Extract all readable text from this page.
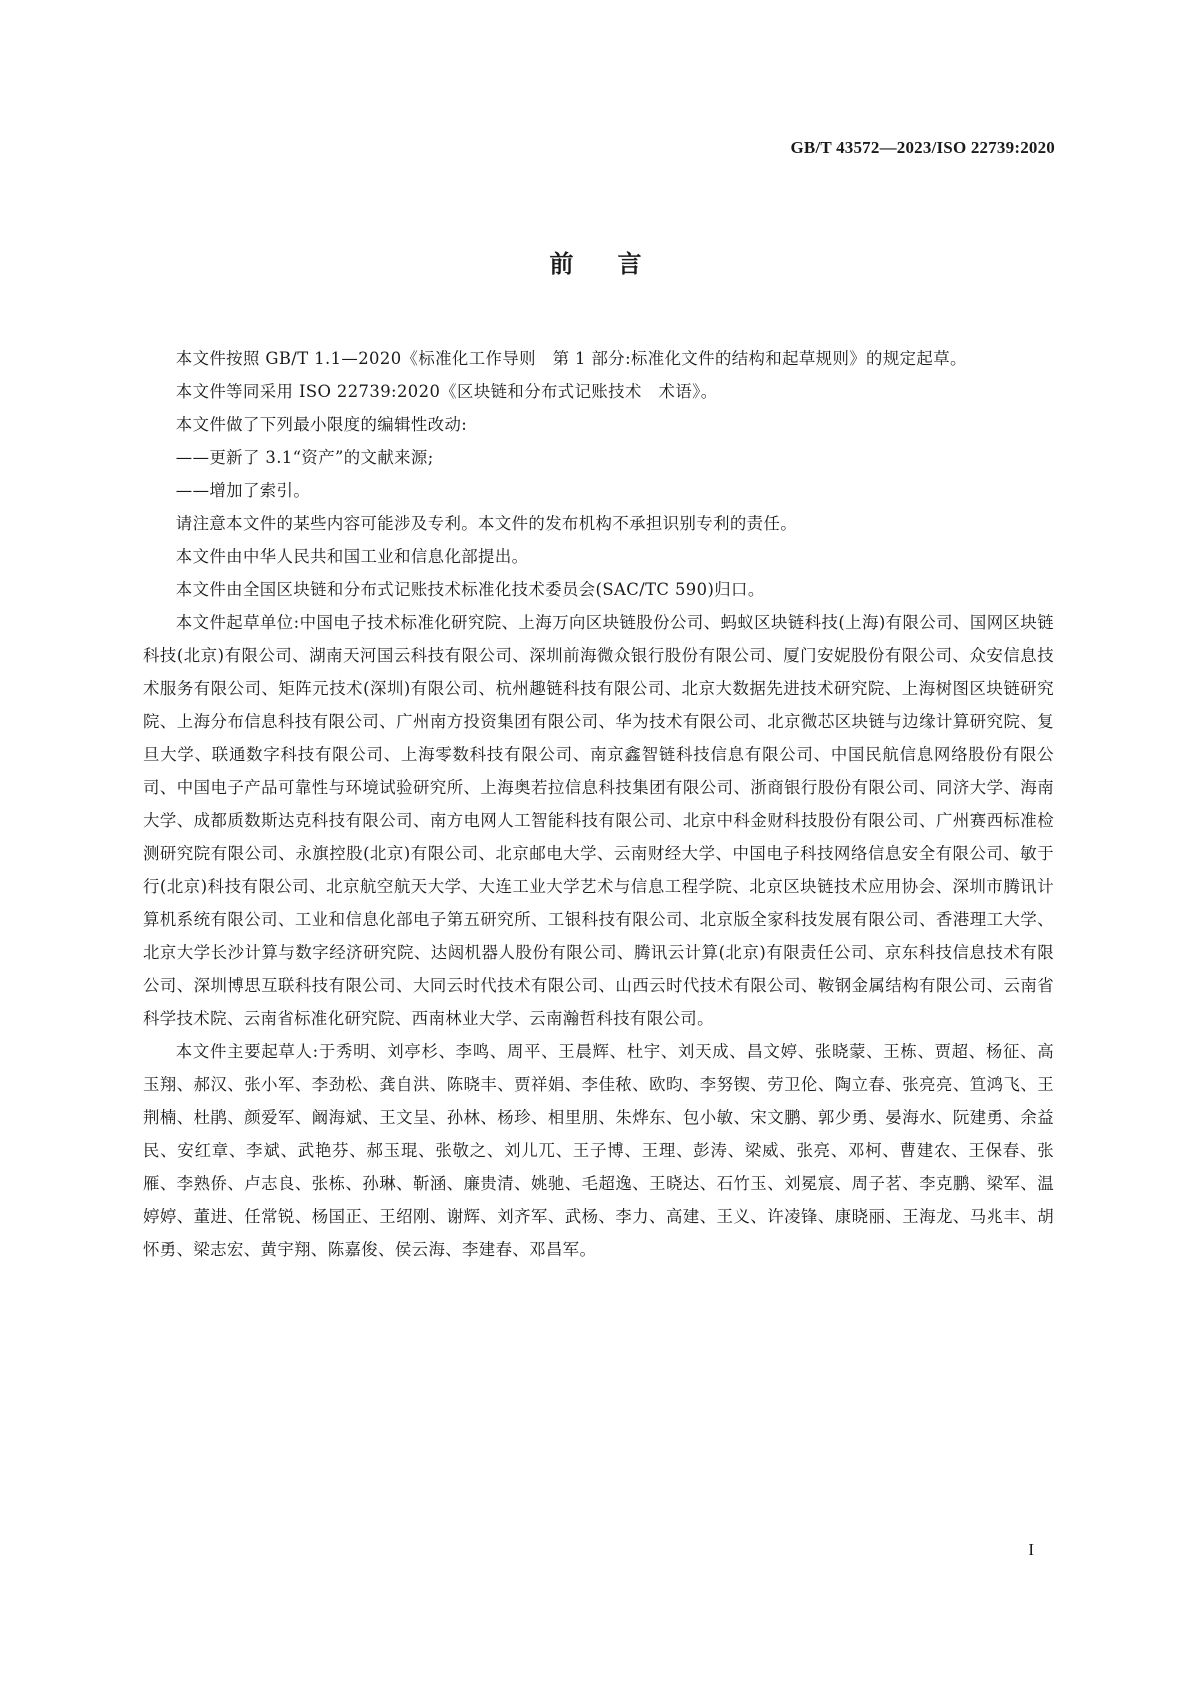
GB/T 43572—2023/ISO 22739:2020
前言

本文件按照 GB/T 1.1—2020《标准化工作导则　第 1 部分:标准化文件的结构和起草规则》的规定起草。

本文件等同采用 ISO 22739:2020《区块链和分布式记账技术　术语》。

本文件做了下列最小限度的编辑性改动:

——更新了 3.1“资产”的文献来源;

——增加了索引。

请注意本文件的某些内容可能涉及专利。本文件的发布机构不承担识别专利的责任。

本文件由中华人民共和国工业和信息化部提出。

本文件由全国区块链和分布式记账技术标准化技术委员会(SAC/TC 590)归口。

本文件起草单位:中国电子技术标准化研究院、上海万向区块链股份公司、蚂蚁区块链科技(上海)有限公司、国网区块链科技(北京)有限公司、湖南天河国云科技有限公司、深圳前海微众银行股份有限公司、厦门安妮股份有限公司、众安信息技术服务有限公司、矩阵元技术(深圳)有限公司、杭州趣链科技有限公司、北京大数据先进技术研究院、上海树图区块链研究院、上海分布信息科技有限公司、广州南方投资集团有限公司、华为技术有限公司、北京微芯区块链与边缘计算研究院、复旦大学、联通数字科技有限公司、上海零数科技有限公司、南京鑫智链科技信息有限公司、中国民航信息网络股份有限公司、中国电子产品可靠性与环境试验研究所、上海奥若拉信息科技集团有限公司、浙商银行股份有限公司、同济大学、海南大学、成都质数斯达克科技有限公司、南方电网人工智能科技有限公司、北京中科金财科技股份有限公司、广州赛西标准检测研究院有限公司、永旗控股(北京)有限公司、北京邮电大学、云南财经大学、中国电子科技网络信息安全有限公司、敏于行(北京)科技有限公司、北京航空航天大学、大连工业大学艺术与信息工程学院、北京区块链技术应用协会、深圳市腾讯计算机系统有限公司、工业和信息化部电子第五研究所、工银科技有限公司、北京版全家科技发展有限公司、香港理工大学、北京大学长沙计算与数字经济研究院、达闼机器人股份有限公司、腾讯云计算(北京)有限责任公司、京东科技信息技术有限公司、深圳博思互联科技有限公司、大同云时代技术有限公司、山西云时代技术有限公司、鞍钢金属结构有限公司、云南省科学技术院、云南省标准化研究院、西南林业大学、云南瀚哲科技有限公司。

本文件主要起草人:于秀明、刘亭杉、李鸣、周平、王晨辉、杜宇、刘天成、昌文婷、张晓蒙、王栋、贾超、杨征、高玉翔、郝汉、张小军、李劲松、龚自洪、陈晓丰、贾祥娟、李佳秾、欧昀、李努锲、劳卫伦、陶立春、张亮亮、笪鸿飞、王荆楠、杜鹃、颜爱军、阚海斌、王文呈、孙林、杨珍、相里朋、朱烨东、包小敏、宋文鹏、郭少勇、晏海水、阮建勇、余益民、安红章、李斌、武艳芬、郝玉琨、张敬之、刘儿兀、王子博、王理、彭涛、梁威、张亮、邓柯、曹建农、王保春、张雁、李熟侨、卢志良、张栋、孙琳、靳涵、廉贵清、姚驰、毛超逸、王晓达、石竹玉、刘冕宸、周子茗、李克鹏、梁军、温婷婷、董进、任常锐、杨国正、王绍刚、谢辉、刘齐军、武杨、李力、高建、王义、许凌锋、康晓丽、王海龙、马兆丰、胡怀勇、梁志宏、黄宇翔、陈嘉俊、侯云海、李建春、邓昌军。

I
